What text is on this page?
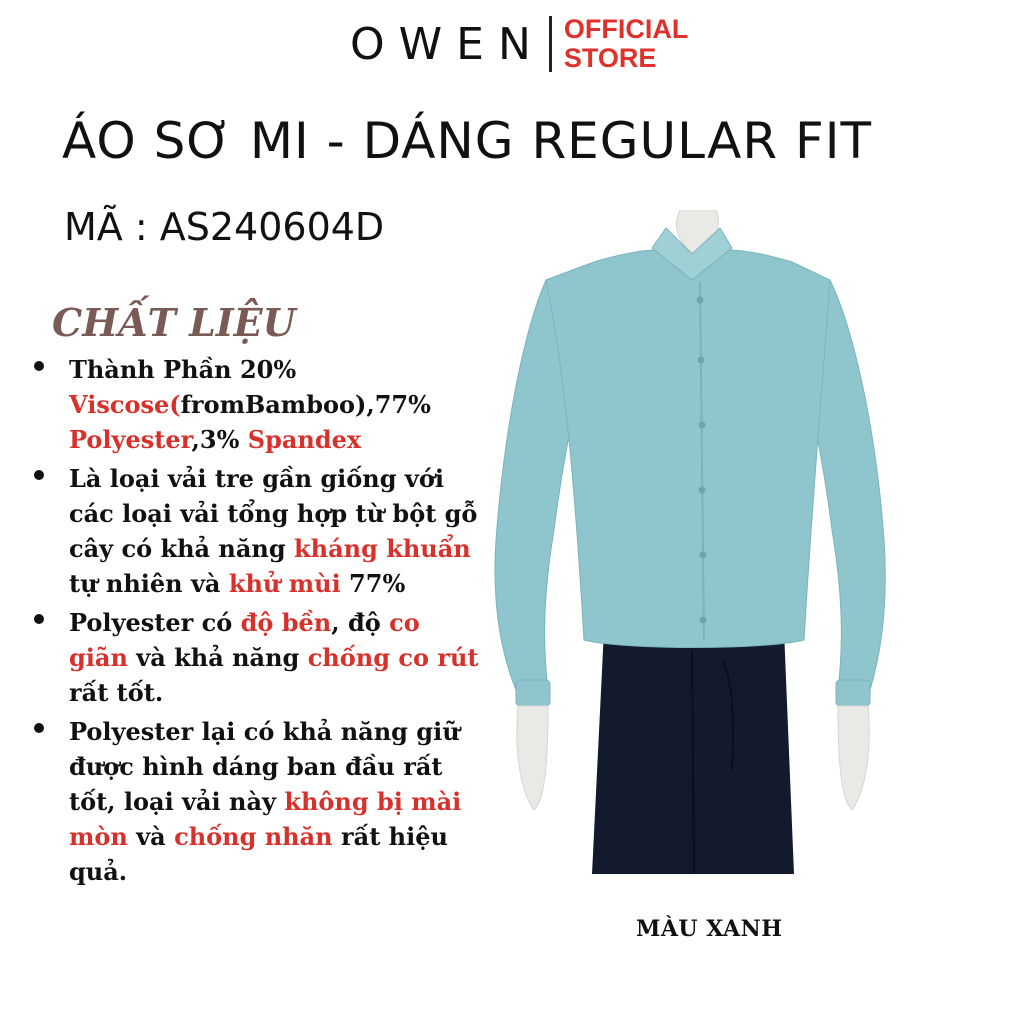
OWEN OFFICIAL
STORE
ÁO SƠ MI - DÁNG REGULAR FIT
MÃ : AS240604D
CHẤT LIỆU
Thành Phần 20% Viscose(fromBamboo),77% Polyester,3% Spandex
Là loại vải tre gần giống với các loại vải tổng hợp từ bột gỗ cây có khả năng kháng khuẩn tự nhiên và khử mùi 77%
Polyester có độ bền, độ co giãn và khả năng chống co rút rất tốt.
Polyester lại có khả năng giữ được hình dáng ban đầu rất tốt, loại vải này không bị mài mòn và chống nhăn rất hiệu quả.
MÀU XANH
